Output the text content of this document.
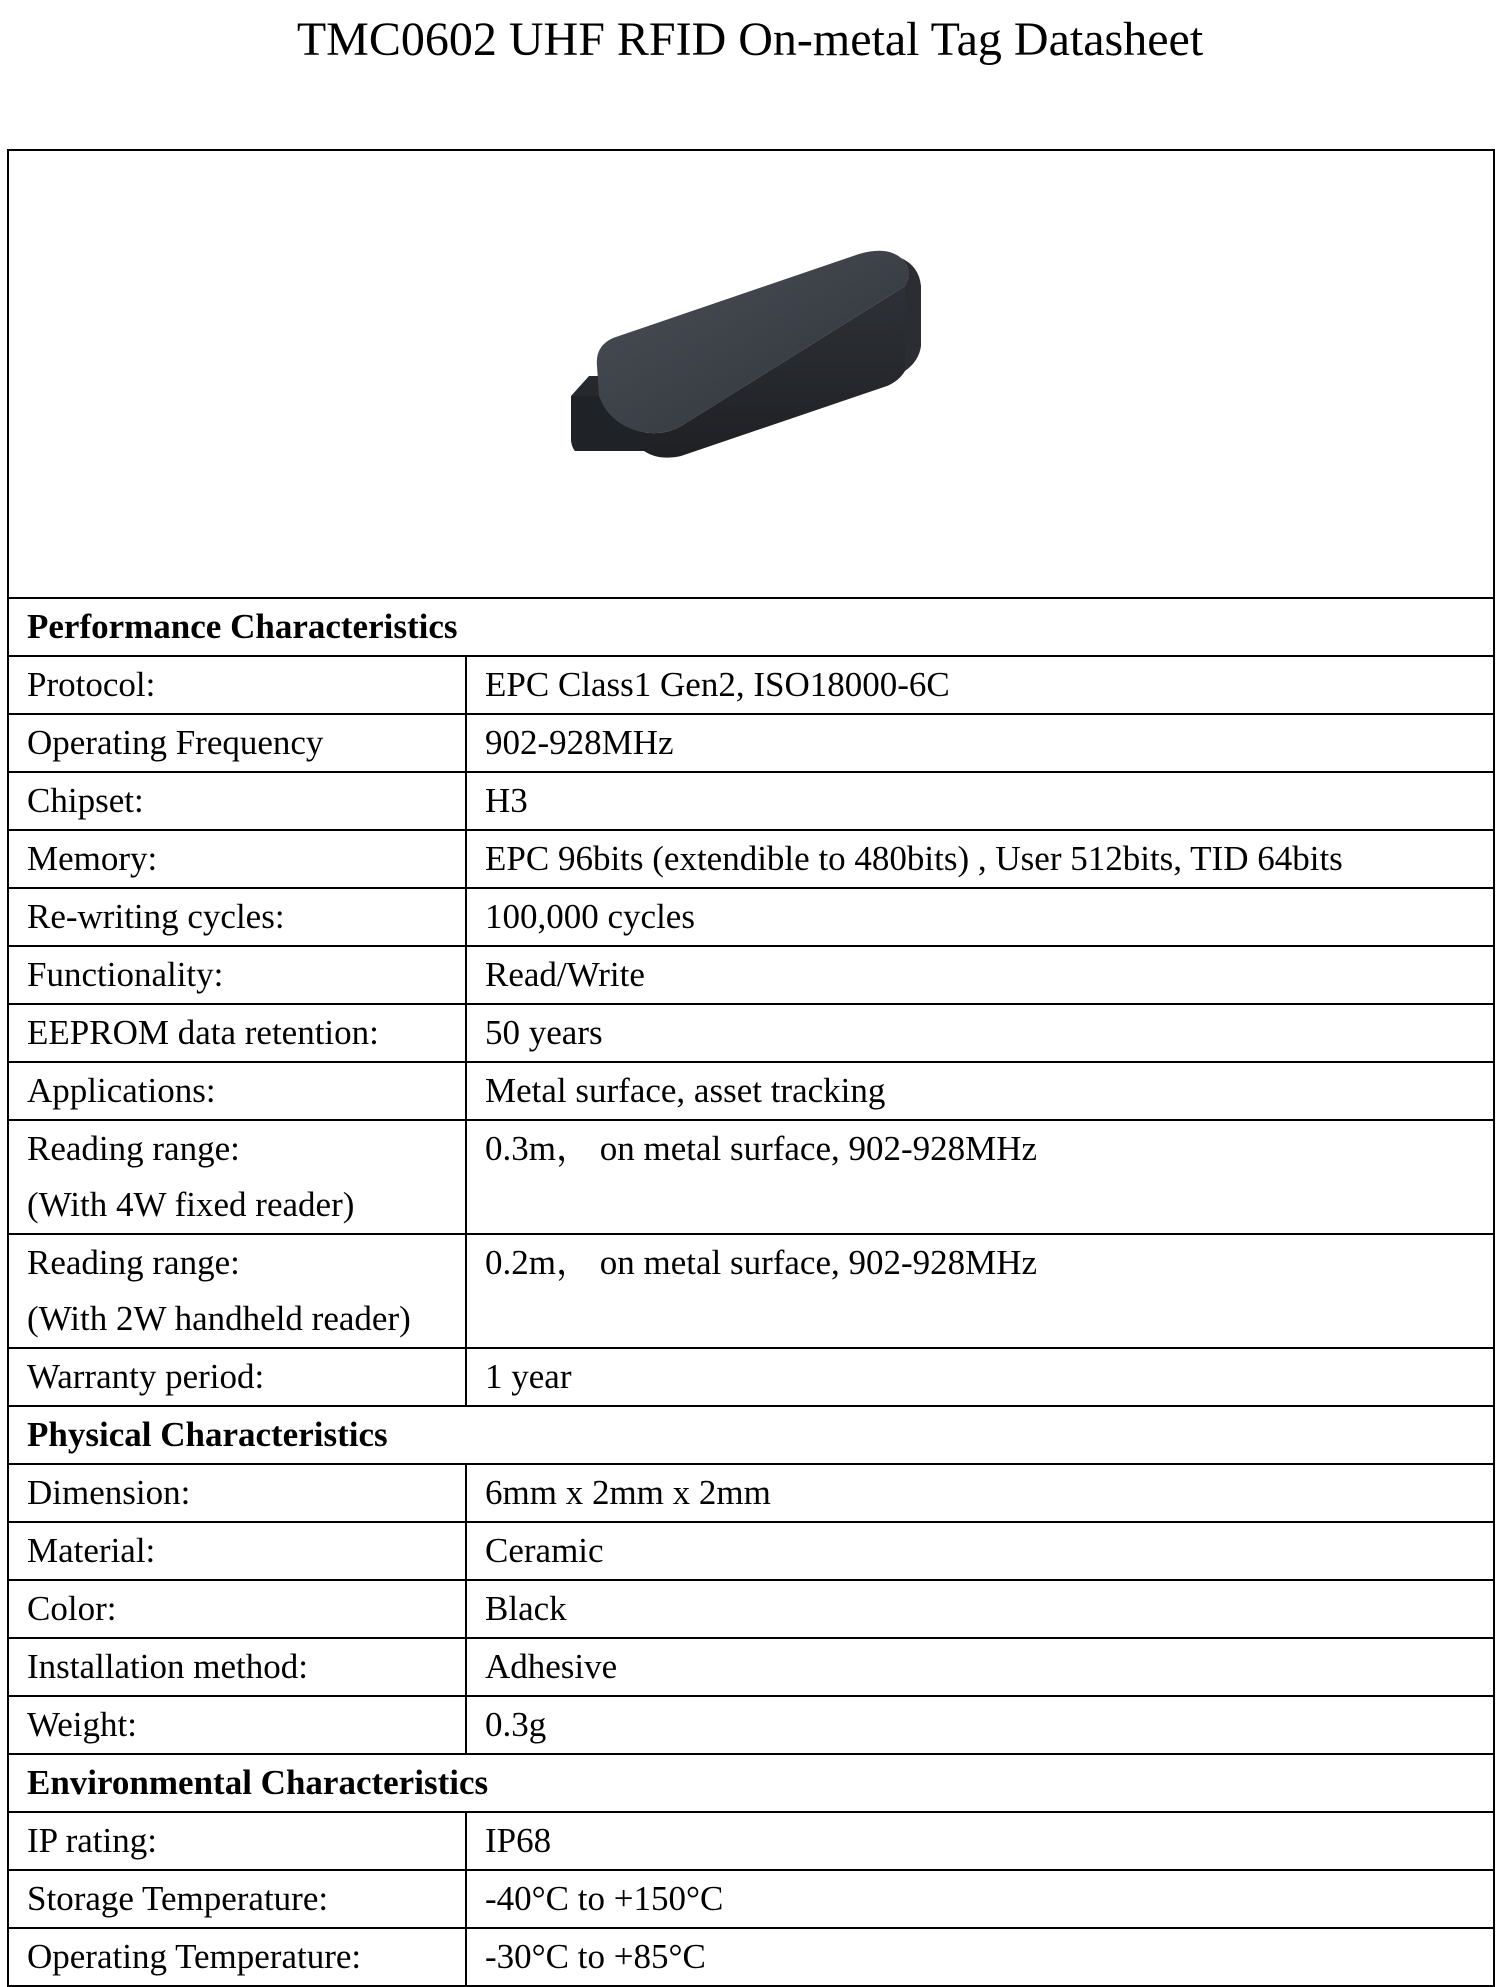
TMC0602 UHF RFID On-metal Tag Datasheet

Performance Characteristics	
Protocol:	EPC Class1 Gen2, ISO18000-6C
Operating Frequency	902-928MHz
Chipset:	H3
Memory:	EPC 96bits (extendible to 480bits) , User 512bits, TID 64bits
Re-writing cycles:	100,000 cycles
Functionality:	Read/Write
EEPROM data retention:	50 years
Applications:	Metal surface, asset tracking

Reading range:
(With 4W fixed reader)	0.3m， on metal surface, 902-928MHz

Reading range:
(With 2W handheld reader)	0.2m， on metal surface, 902-928MHz
Warranty period:	1 year
Physical Characteristics	
Dimension:	6mm x 2mm x 2mm
Material:	Ceramic
Color:	Black
Installation method:	Adhesive
Weight:	0.3g
Environmental Characteristics	
IP rating:	IP68
Storage Temperature:	-40°C to +150°C
Operating Temperature:	-30°C to +85°C
